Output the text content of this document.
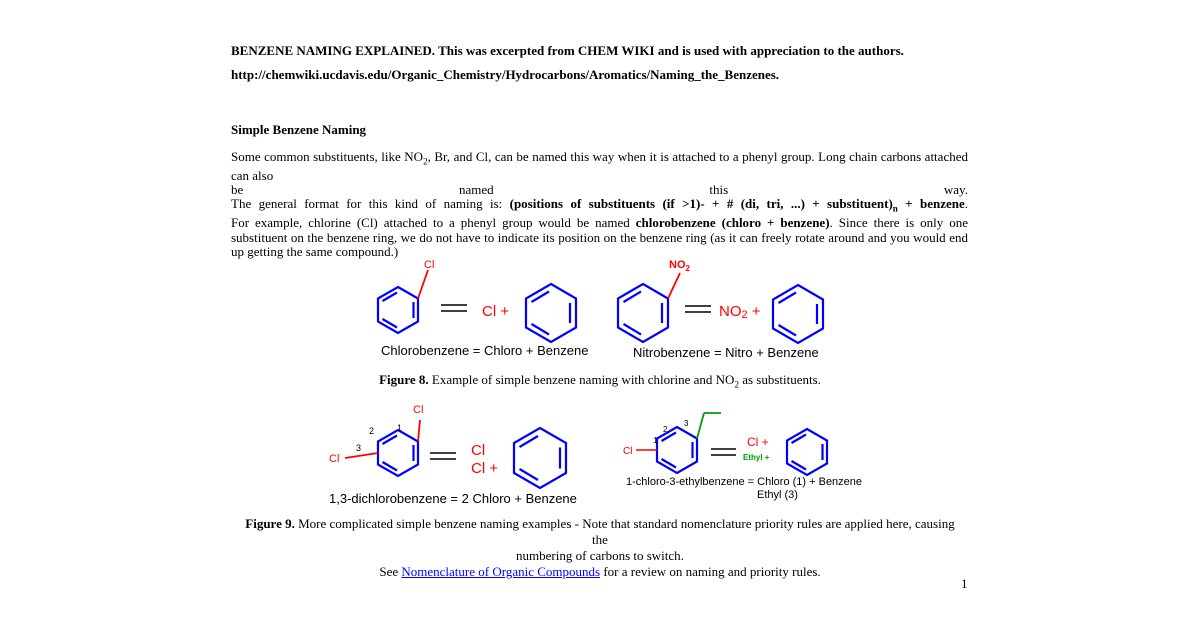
BENZENE NAMING EXPLAINED. This was excerpted from CHEM WIKI and is used with appreciation to the authors.
http://chemwiki.ucdavis.edu/Organic_Chemistry/Hydrocarbons/Aromatics/Naming_the_Benzenes.
Simple Benzene Naming
Some common substituents, like $NO_2$, Br, and Cl, can be named this way when it is attached to a phenyl group. Long chain carbons attached can also
be	named	this	way.
The general format for this kind of naming is: (positions of substituents (if >1)- + # (di, tri, ...) + $substituent)_n$ + benzene.
For example, chlorine (Cl) attached to a phenyl group would be named chlorobenzene (chloro + benzene). Since there is only one substituent on the benzene ring, we do not have to indicate its position on the benzene ring (as it can freely rotate around and you would end up getting the same compound.)
Cl
Cl +
$NO_2$
NO2 +
Chlorobenzene = Chloro + Benzene	Nitrobenzene = Nitro + Benzene
Figure 8. Example of simple benzene naming with chlorine and $NO_2$ as substituents.
Cl
Cl
2	1
3	Cl
Cl +
Cl
1
2
3
Cl +
Ethyl +
1-chloro-3-ethylbenzene = Chloro (1) + Benzene
Ethyl (3)
1,3-dichlorobenzene = 2 Chloro + Benzene
Figure 9. More complicated simple benzene naming examples - Note that standard nomenclature priority rules are applied here, causing the
numbering of carbons to switch.
See Nomenclature of Organic Compounds for a review on naming and priority rules.
1
